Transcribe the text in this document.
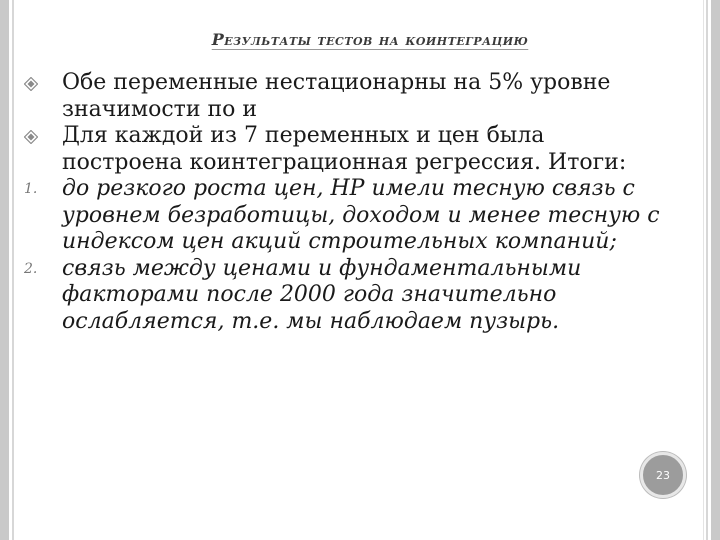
Результаты тестов на коинтеграцию
Обе переменные нестационарны на 5% уровне значимости по и
Для каждой из 7 переменных и цен была построена коинтеграционная регрессия. Итоги:
1. до резкого роста цен, HP имели тесную связь с уровнем безработицы, доходом и менее тесную с индексом цен акций строительных компаний;
2. связь между ценами и фундаментальными факторами после 2000 года значительно ослабляется, т.е. мы наблюдаем пузырь.
23
